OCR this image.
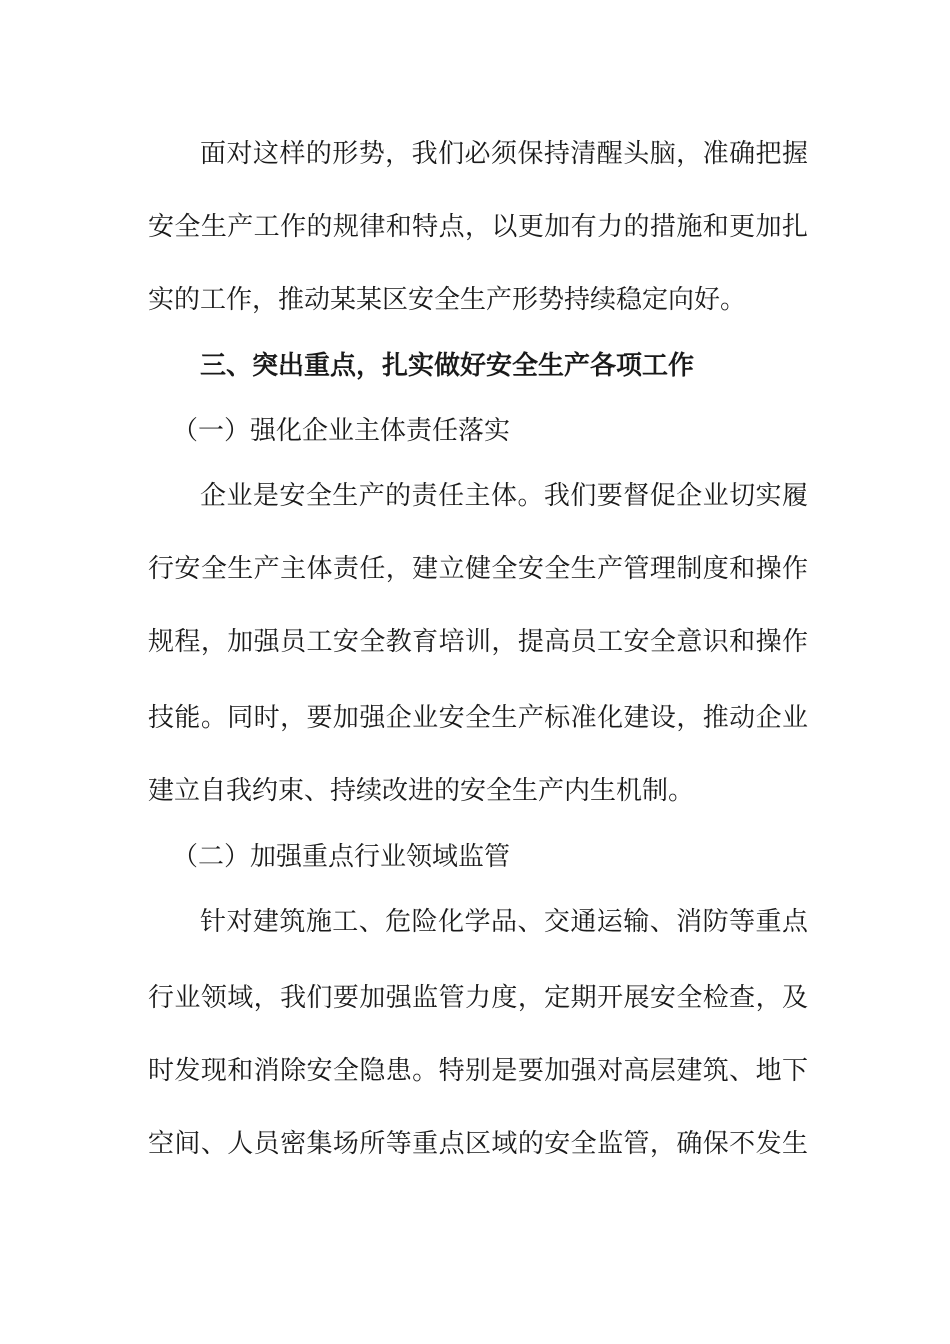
面对这样的形势，我们必须保持清醒头脑，准确把握
安全生产工作的规律和特点，以更加有力的措施和更加扎
实的工作，推动某某区安全生产形势持续稳定向好。
三、突出重点，扎实做好安全生产各项工作
（一）强化企业主体责任落实
企业是安全生产的责任主体。我们要督促企业切实履
行安全生产主体责任，建立健全安全生产管理制度和操作
规程，加强员工安全教育培训，提高员工安全意识和操作
技能。同时，要加强企业安全生产标准化建设，推动企业
建立自我约束、持续改进的安全生产内生机制。
（二）加强重点行业领域监管
针对建筑施工、危险化学品、交通运输、消防等重点
行业领域，我们要加强监管力度，定期开展安全检查，及
时发现和消除安全隐患。特别是要加强对高层建筑、地下
空间、人员密集场所等重点区域的安全监管，确保不发生
